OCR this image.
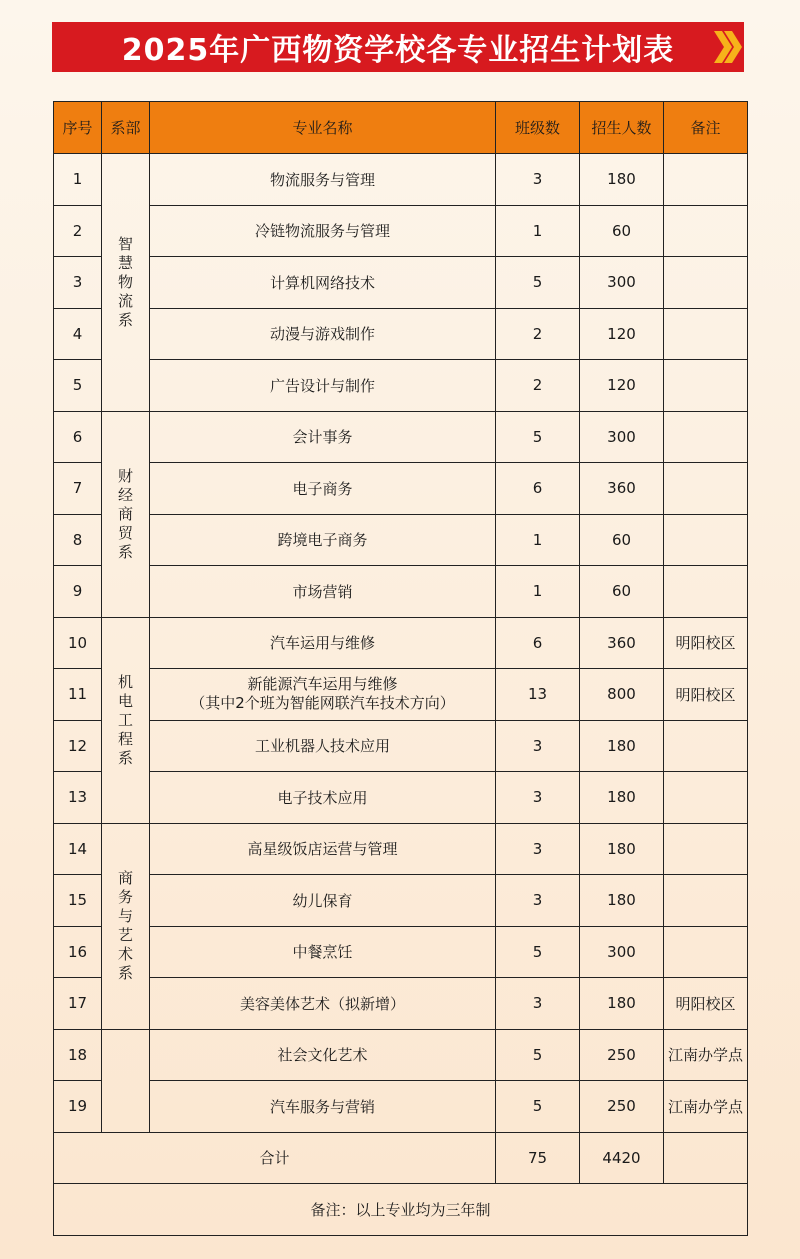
2025年广西物资学校各专业招生计划表
序号	系部	专业名称	班级数	招生人数	备注
1	智慧物流系	物流服务与管理	3	180	
2		冷链物流服务与管理	1	60	
3		计算机网络技术	5	300	
4		动漫与游戏制作	2	120	
5		广告设计与制作	2	120	
6	财经商贸系	会计事务	5	300	
7		电子商务	6	360	
8		跨境电子商务	1	60	
9		市场营销	1	60	
10	机电工程系	汽车运用与维修	6	360	明阳校区
11		新能源汽车运用与维修
（其中2个班为智能网联汽车技术方向）	13	800	明阳校区
12		工业机器人技术应用	3	180	
13		电子技术应用	3	180	
14	商务与艺术系	高星级饭店运营与管理	3	180	
15		幼儿保育	3	180	
16		中餐烹饪	5	300	
17		美容美体艺术（拟新增）	3	180	明阳校区
18		社会文化艺术	5	250	江南办学点
19		汽车服务与营销	5	250	江南办学点
合计			75	4420	
备注：以上专业均为三年制					
